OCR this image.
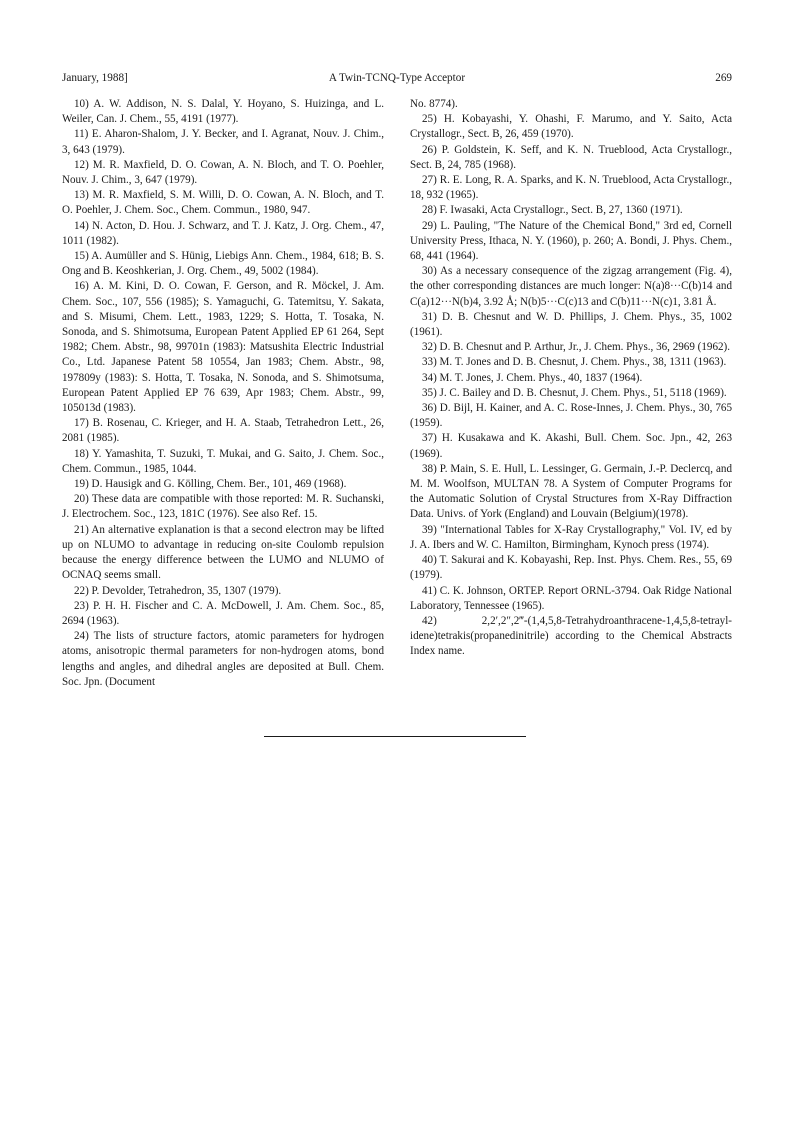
January, 1988]	A Twin-TCNQ-Type Acceptor	269

10) A. W. Addison, N. S. Dalal, Y. Hoyano, S. Huizinga, and L. Weiler, Can. J. Chem., 55, 4191 (1977).

11) E. Aharon-Shalom, J. Y. Becker, and I. Agranat, Nouv. J. Chim., 3, 643 (1979).

12) M. R. Maxfield, D. O. Cowan, A. N. Bloch, and T. O. Poehler, Nouv. J. Chim., 3, 647 (1979).

13) M. R. Maxfield, S. M. Willi, D. O. Cowan, A. N. Bloch, and T. O. Poehler, J. Chem. Soc., Chem. Commun., 1980, 947.

14) N. Acton, D. Hou. J. Schwarz, and T. J. Katz, J. Org. Chem., 47, 1011 (1982).

15) A. Aumüller and S. Hünig, Liebigs Ann. Chem., 1984, 618; B. S. Ong and B. Keoshkerian, J. Org. Chem., 49, 5002 (1984).

16) A. M. Kini, D. O. Cowan, F. Gerson, and R. Möckel, J. Am. Chem. Soc., 107, 556 (1985); S. Yamaguchi, G. Tatemitsu, Y. Sakata, and S. Misumi, Chem. Lett., 1983, 1229; S. Hotta, T. Tosaka, N. Sonoda, and S. Shimotsuma, European Patent Applied EP 61 264, Sept 1982; Chem. Abstr., 98, 99701n (1983): Matsushita Electric Industrial Co., Ltd. Japanese Patent 58 10554, Jan 1983; Chem. Abstr., 98, 197809y (1983): S. Hotta, T. Tosaka, N. Sonoda, and S. Shimotsuma, European Patent Applied EP 76 639, Apr 1983; Chem. Abstr., 99, 105013d (1983).

17) B. Rosenau, C. Krieger, and H. A. Staab, Tetrahedron Lett., 26, 2081 (1985).

18) Y. Yamashita, T. Suzuki, T. Mukai, and G. Saito, J. Chem. Soc., Chem. Commun., 1985, 1044.

19) D. Hausigk and G. Kölling, Chem. Ber., 101, 469 (1968).

20) These data are compatible with those reported: M. R. Suchanski, J. Electrochem. Soc., 123, 181C (1976). See also Ref. 15.

21) An alternative explanation is that a second electron may be lifted up on NLUMO to advantage in reducing on-site Coulomb repulsion because the energy difference between the LUMO and NLUMO of OCNAQ seems small.

22) P. Devolder, Tetrahedron, 35, 1307 (1979).

23) P. H. H. Fischer and C. A. McDowell, J. Am. Chem. Soc., 85, 2694 (1963).

24) The lists of structure factors, atomic parameters for hydrogen atoms, anisotropic thermal parameters for non-hydrogen atoms, bond lengths and angles, and dihedral angles are deposited at Bull. Chem. Soc. Jpn. (Document

No. 8774).

25) H. Kobayashi, Y. Ohashi, F. Marumo, and Y. Saito, Acta Crystallogr., Sect. B, 26, 459 (1970).

26) P. Goldstein, K. Seff, and K. N. Trueblood, Acta Crystallogr., Sect. B, 24, 785 (1968).

27) R. E. Long, R. A. Sparks, and K. N. Trueblood, Acta Crystallogr., 18, 932 (1965).

28) F. Iwasaki, Acta Crystallogr., Sect. B, 27, 1360 (1971).

29) L. Pauling, "The Nature of the Chemical Bond," 3rd ed, Cornell University Press, Ithaca, N. Y. (1960), p. 260; A. Bondi, J. Phys. Chem., 68, 441 (1964).

30) As a necessary consequence of the zigzag arrangement (Fig. 4), the other corresponding distances are much longer: N(a)8···C(b)14 and C(a)12···N(b)4, 3.92 Å; N(b)5···C(c)13 and C(b)11···N(c)1, 3.81 Å.

31) D. B. Chesnut and W. D. Phillips, J. Chem. Phys., 35, 1002 (1961).

32) D. B. Chesnut and P. Arthur, Jr., J. Chem. Phys., 36, 2969 (1962).

33) M. T. Jones and D. B. Chesnut, J. Chem. Phys., 38, 1311 (1963).

34) M. T. Jones, J. Chem. Phys., 40, 1837 (1964).

35) J. C. Bailey and D. B. Chesnut, J. Chem. Phys., 51, 5118 (1969).

36) D. Bijl, H. Kainer, and A. C. Rose-Innes, J. Chem. Phys., 30, 765 (1959).

37) H. Kusakawa and K. Akashi, Bull. Chem. Soc. Jpn., 42, 263 (1969).

38) P. Main, S. E. Hull, L. Lessinger, G. Germain, J.-P. Declercq, and M. M. Woolfson, MULTAN 78. A System of Computer Programs for the Automatic Solution of Crystal Structures from X-Ray Diffraction Data. Univs. of York (England) and Louvain (Belgium)(1978).

39) "International Tables for X-Ray Crystallography," Vol. IV, ed by J. A. Ibers and W. C. Hamilton, Birmingham, Kynoch press (1974).

40) T. Sakurai and K. Kobayashi, Rep. Inst. Phys. Chem. Res., 55, 69 (1979).

41) C. K. Johnson, ORTEP. Report ORNL-3794. Oak Ridge National Laboratory, Tennessee (1965).

42) 2,2′,2″,2‴-(1,4,5,8-Tetrahydroanthracene-1,4,5,8-tetrayl-idene)tetrakis(propanedinitrile) according to the Chemical Abstracts Index name.
